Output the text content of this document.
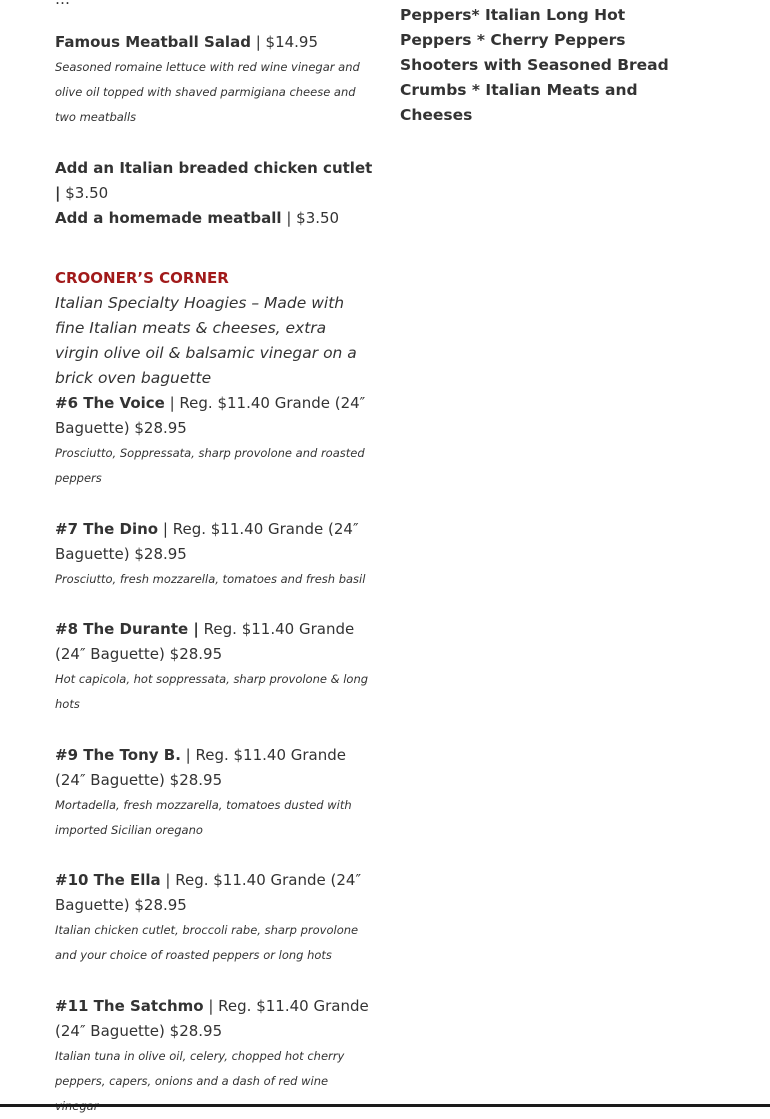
Famous Meatball Salad | $14.95
Seasoned romaine lettuce with red wine vinegar and olive oil topped with shaved parmigiana cheese and two meatballs
Add an Italian breaded chicken cutlet | $3.50
Add a homemade meatball | $3.50
CROONER’S CORNER
Italian Specialty Hoagies – Made with fine Italian meats & cheeses, extra virgin olive oil & balsamic vinegar on a brick oven baguette
#6 The Voice | Reg. $11.40 Grande (24″ Baguette) $28.95
Prosciutto, Soppressata, sharp provolone and roasted peppers
#7 The Dino | Reg. $11.40 Grande (24″ Baguette) $28.95
Prosciutto, fresh mozzarella, tomatoes and fresh basil
#8 The Durante | Reg. $11.40 Grande (24″ Baguette) $28.95
Hot capicola, hot soppressata, sharp provolone & long hots
#9 The Tony B. | Reg. $11.40 Grande (24″ Baguette) $28.95
Mortadella, fresh mozzarella, tomatoes dusted with imported Sicilian oregano
#10 The Ella | Reg. $11.40 Grande (24″ Baguette) $28.95
Italian chicken cutlet, broccoli rabe, sharp provolone and your choice of roasted peppers or long hots
#11 The Satchmo | Reg. $11.40 Grande (24″ Baguette) $28.95
Italian tuna in olive oil, celery, chopped hot cherry peppers, capers, onions and a dash of red wine
Peppers* Italian Long Hot Peppers * Cherry Peppers Shooters with Seasoned Bread Crumbs * Italian Meats and Cheeses
